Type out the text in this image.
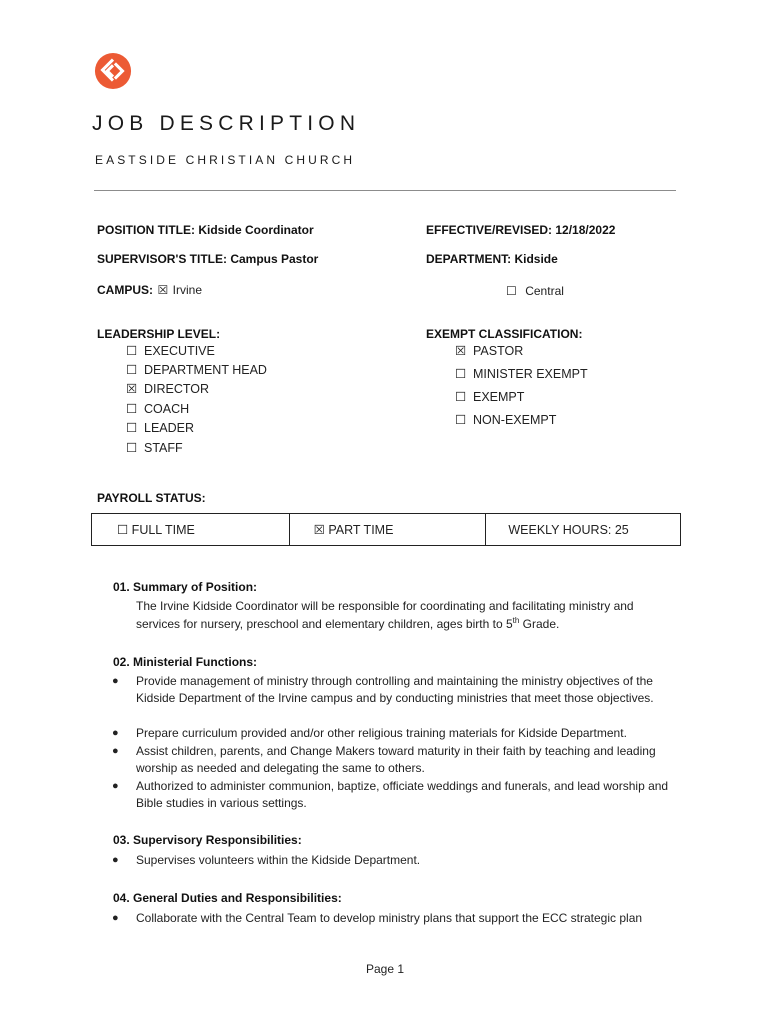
JOB DESCRIPTION
EASTSIDE CHRISTIAN CHURCH
POSITION TITLE: Kidside Coordinator	EFFECTIVE/REVISED: 12/18/2022
SUPERVISOR'S TITLE: Campus Pastor	DEPARTMENT: Kidside
CAMPUS: ☒ Irvine	☐ Central
LEADERSHIP LEVEL:
☐ EXECUTIVE
☐ DEPARTMENT HEAD
☒ DIRECTOR
☐ COACH
☐ LEADER
☐ STAFF
EXEMPT CLASSIFICATION:
☒ PASTOR
☐ MINISTER EXEMPT
☐ EXEMPT
☐ NON-EXEMPT
PAYROLL STATUS:
☐ FULL TIME	☒ PART TIME	WEEKLY HOURS: 25
01. Summary of Position:
The Irvine Kidside Coordinator will be responsible for coordinating and facilitating ministry and
services for nursery, preschool and elementary children, ages birth to 5th Grade.
02. Ministerial Functions:
● Provide management of ministry through controlling and maintaining the ministry objectives of the Kidside Department of the Irvine campus and by conducting ministries that meet those objectives.
● Prepare curriculum provided and/or other religious training materials for Kidside Department.
● Assist children, parents, and Change Makers toward maturity in their faith by teaching and leading worship as needed and delegating the same to others.
● Authorized to administer communion, baptize, officiate weddings and funerals, and lead worship and Bible studies in various settings.
03. Supervisory Responsibilities:
● Supervises volunteers within the Kidside Department.
04. General Duties and Responsibilities:
● Collaborate with the Central Team to develop ministry plans that support the ECC strategic plan
Page 1
